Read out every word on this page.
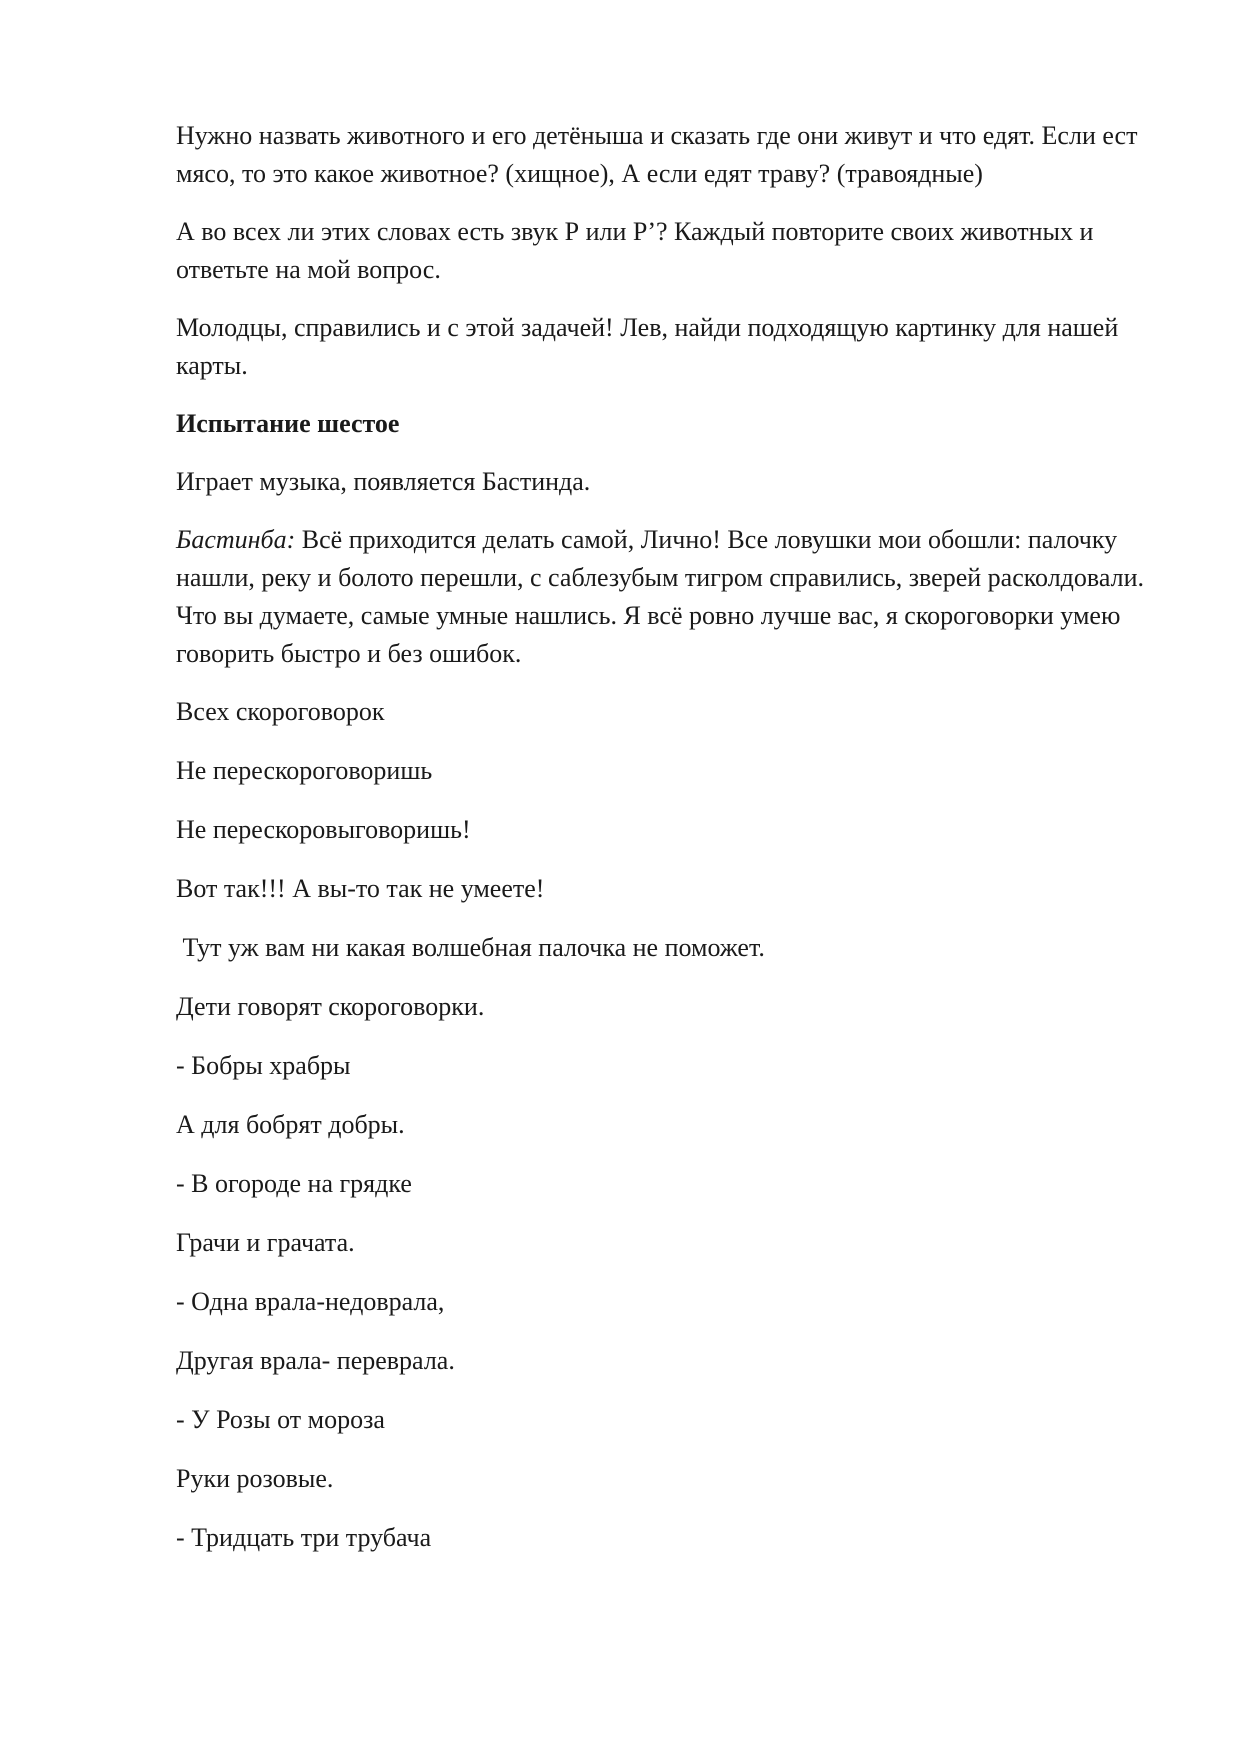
Нужно назвать животного и его детёныша и сказать где они живут и что едят. Если ест мясо, то это какое животное? (хищное), А если едят траву? (травоядные)

А во всех ли этих словах есть звук Р или Р’? Каждый повторите своих животных и ответьте на мой вопрос.

Молодцы, справились и с этой задачей! Лев, найди подходящую картинку для нашей карты.

Испытание шестое

Играет музыка, появляется Бастинда.

Бастинба: Всё приходится делать самой, Лично! Все ловушки мои обошли: палочку нашли, реку и болото перешли, с саблезубым тигром справились, зверей расколдовали. Что вы думаете, самые умные нашлись. Я всё ровно лучше вас, я скороговорки умею говорить быстро и без ошибок.

Всех скороговорок

Не перескороговоришь

Не перескоровыговоришь!

Вот так!!! А вы-то так не умеете!

Тут уж вам ни какая волшебная палочка не поможет.

Дети говорят скороговорки.

- Бобры храбры

А для бобрят добры.

- В огороде на грядке

Грачи и грачата.

- Одна врала-недоврала,

Другая врала- переврала.

- У Розы от мороза

Руки розовые.

- Тридцать три трубача
